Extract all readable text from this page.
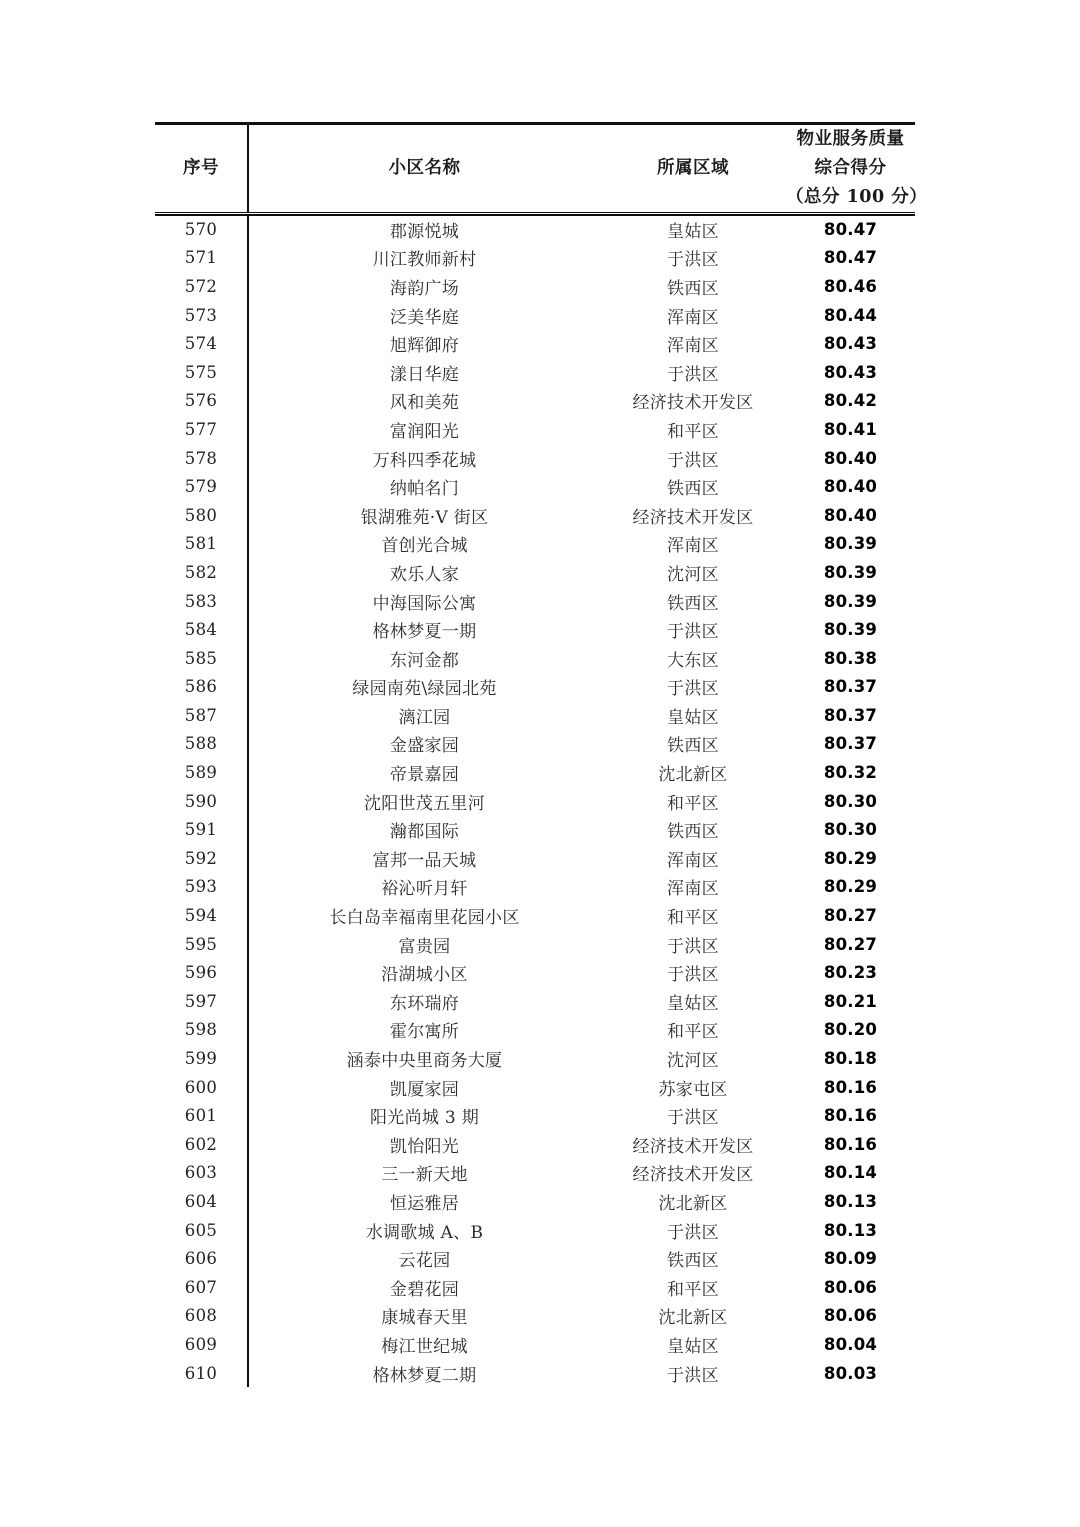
序号	小区名称	所属区域	物业服务质量
综合得分
（总分 100 分）

570	郡源悦城	皇姑区	80.47
571	川江教师新村	于洪区	80.47
572	海韵广场	铁西区	80.46
573	泛美华庭	浑南区	80.44
574	旭辉御府	浑南区	80.43
575	漾日华庭	于洪区	80.43
576	风和美苑	经济技术开发区	80.42
577	富润阳光	和平区	80.41
578	万科四季花城	于洪区	80.40
579	纳帕名门	铁西区	80.40
580	银湖雅苑·V 街区	经济技术开发区	80.40
581	首创光合城	浑南区	80.39
582	欢乐人家	沈河区	80.39
583	中海国际公寓	铁西区	80.39
584	格林梦夏一期	于洪区	80.39
585	东河金都	大东区	80.38
586	绿园南苑\绿园北苑	于洪区	80.37
587	漓江园	皇姑区	80.37
588	金盛家园	铁西区	80.37
589	帝景嘉园	沈北新区	80.32
590	沈阳世茂五里河	和平区	80.30
591	瀚都国际	铁西区	80.30
592	富邦一品天城	浑南区	80.29
593	裕沁听月轩	浑南区	80.29
594	长白岛幸福南里花园小区	和平区	80.27
595	富贵园	于洪区	80.27
596	沿湖城小区	于洪区	80.23
597	东环瑞府	皇姑区	80.21
598	霍尔寓所	和平区	80.20
599	涵泰中央里商务大厦	沈河区	80.18
600	凯厦家园	苏家屯区	80.16
601	阳光尚城 3 期	于洪区	80.16
602	凯怡阳光	经济技术开发区	80.16
603	三一新天地	经济技术开发区	80.14
604	恒运雅居	沈北新区	80.13
605	水调歌城 A、B	于洪区	80.13
606	云花园	铁西区	80.09
607	金碧花园	和平区	80.06
608	康城春天里	沈北新区	80.06
609	梅江世纪城	皇姑区	80.04
610	格林梦夏二期	于洪区	80.03
